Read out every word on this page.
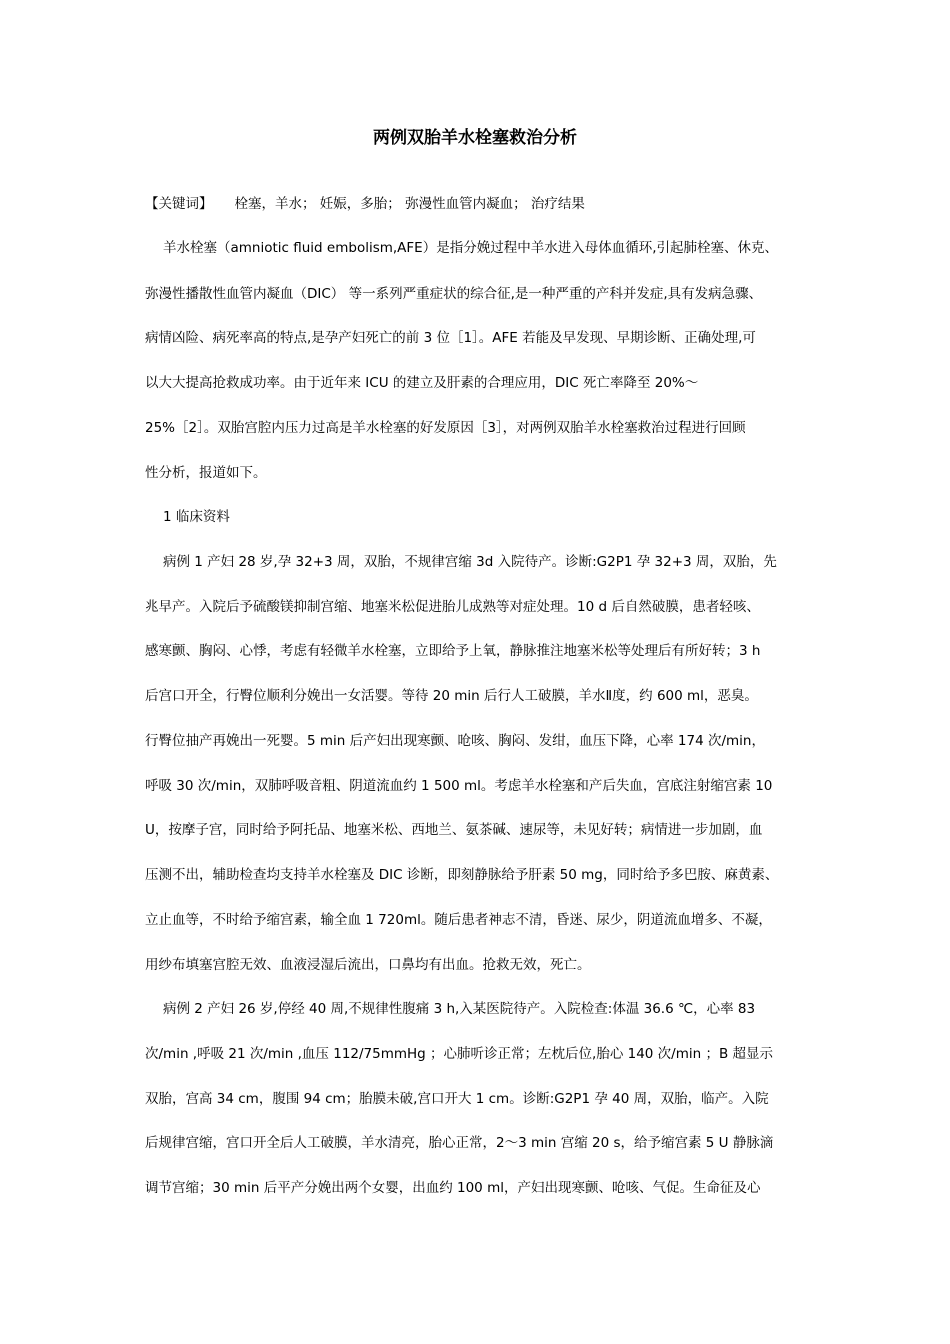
两例双胎羊水栓塞救治分析
【关键词】 栓塞，羊水； 妊娠，多胎； 弥漫性血管内凝血； 治疗结果
羊水栓塞（amniotic fluid embolism,AFE）是指分娩过程中羊水进入母体血循环,引起肺栓塞、休克、
弥漫性播散性血管内凝血（DIC） 等一系列严重症状的综合征,是一种严重的产科并发症,具有发病急骤、
病情凶险、病死率高的特点,是孕产妇死亡的前 3 位［1］。AFE 若能及早发现、早期诊断、正确处理,可
以大大提高抢救成功率。由于近年来 ICU 的建立及肝素的合理应用，DIC 死亡率降至 20%～
25%［2］。双胎宫腔内压力过高是羊水栓塞的好发原因［3］，对两例双胎羊水栓塞救治过程进行回顾
性分析，报道如下。
1 临床资料
病例 1 产妇 28 岁,孕 32+3 周，双胎，不规律宫缩 3d 入院待产。诊断:G2P1 孕 32+3 周，双胎，先
兆早产。入院后予硫酸镁抑制宫缩、地塞米松促进胎儿成熟等对症处理。10 d 后自然破膜，患者轻咳、
感寒颤、胸闷、心悸，考虑有轻微羊水栓塞，立即给予上氧，静脉推注地塞米松等处理后有所好转；3 h
后宫口开全，行臀位顺利分娩出一女活婴。等待 20 min 后行人工破膜，羊水Ⅱ度，约 600 ml，恶臭。
行臀位抽产再娩出一死婴。5 min 后产妇出现寒颤、呛咳、胸闷、发绀，血压下降，心率 174 次/min，
呼吸 30 次/min，双肺呼吸音粗、阴道流血约 1 500 ml。考虑羊水栓塞和产后失血，宫底注射缩宫素 10
U，按摩子宫，同时给予阿托品、地塞米松、西地兰、氨茶碱、速尿等，未见好转；病情进一步加剧，血
压测不出，辅助检查均支持羊水栓塞及 DIC 诊断，即刻静脉给予肝素 50 mg，同时给予多巴胺、麻黄素、
立止血等，不时给予缩宫素，输全血 1 720ml。随后患者神志不清，昏迷、尿少，阴道流血增多、不凝，
用纱布填塞宫腔无效、血液浸湿后流出，口鼻均有出血。抢救无效，死亡。
病例 2 产妇 26 岁,停经 40 周,不规律性腹痛 3 h,入某医院待产。入院检查:体温 36.6 ℃，心率 83
次/min ,呼吸 21 次/min ,血压 112/75mmHg ；心肺听诊正常；左枕后位,胎心 140 次/min ；B 超显示
双胎，宫高 34 cm，腹围 94 cm；胎膜未破,宫口开大 1 cm。诊断:G2P1 孕 40 周，双胎，临产。入院
后规律宫缩，宫口开全后人工破膜，羊水清亮，胎心正常，2～3 min 宫缩 20 s，给予缩宫素 5 U 静脉滴
调节宫缩；30 min 后平产分娩出两个女婴，出血约 100 ml，产妇出现寒颤、呛咳、气促。生命征及心
